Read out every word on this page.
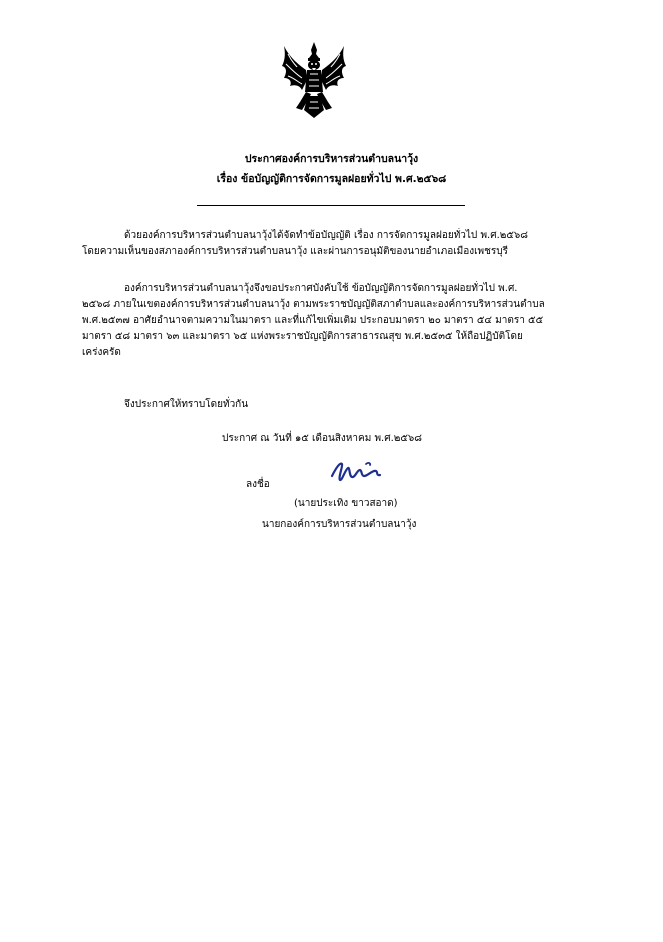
ประกาศองค์การบริหารส่วนตำบลนาวุ้ง
เรื่อง ข้อบัญญัติการจัดการมูลฝอยทั่วไป พ.ศ.๒๕๖๘
ด้วยองค์การบริหารส่วนตำบลนาวุ้งได้จัดทำข้อบัญญัติ เรื่อง การจัดการมูลฝอยทั่วไป พ.ศ.๒๕๖๘
โดยความเห็นของสภาองค์การบริหารส่วนตำบลนาวุ้ง และผ่านการอนุมัติของนายอำเภอเมืองเพชรบุรี
องค์การบริหารส่วนตำบลนาวุ้งจึงขอประกาศบังคับใช้ ข้อบัญญัติการจัดการมูลฝอยทั่วไป พ.ศ.
๒๕๖๘ ภายในเขตองค์การบริหารส่วนตำบลนาวุ้ง ตามพระราชบัญญัติสภาตำบลและองค์การบริหารส่วนตำบล
พ.ศ.๒๕๓๗ อาศัยอำนาจตามความในมาตรา และที่แก้ไขเพิ่มเติม ประกอบมาตรา ๒๐ มาตรา ๕๔ มาตรา ๕๕
มาตรา ๕๘ มาตรา ๖๓ และมาตรา ๖๕ แห่งพระราชบัญญัติการสาธารณสุข พ.ศ.๒๕๓๕ ให้ถือปฏิบัติโดย
เคร่งครัด
จึงประกาศให้ทราบโดยทั่วกัน
ประกาศ ณ วันที่ ๑๕ เดือนสิงหาคม พ.ศ.๒๕๖๘
ลงชื่อ
(นายประเทิง ขาวสอาด)
นายกองค์การบริหารส่วนตำบลนาวุ้ง
